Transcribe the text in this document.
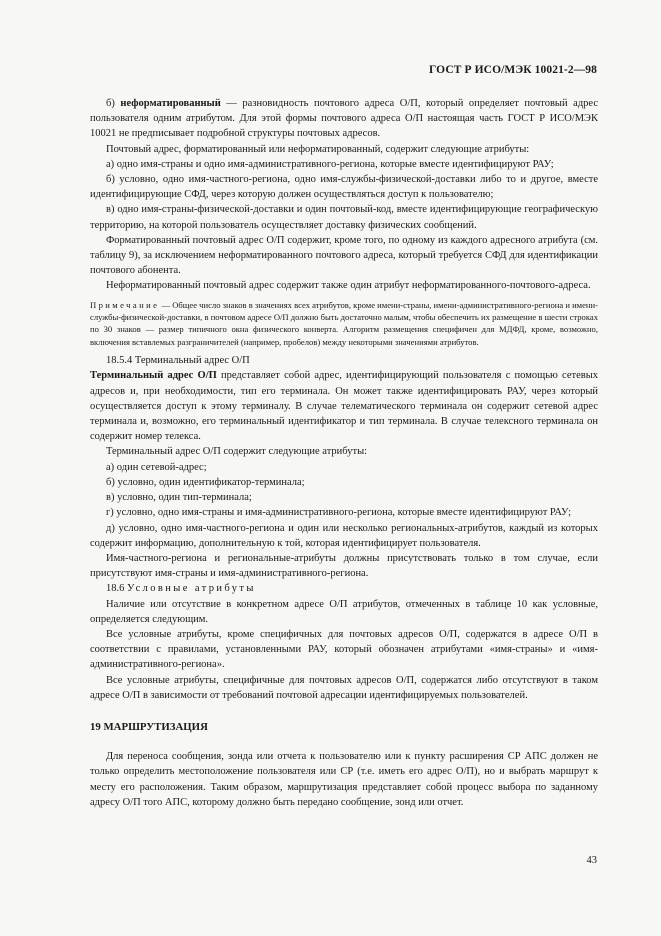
ГОСТ Р ИСО/МЭК 10021-2—98

б) неформатированный — разновидность почтового адреса О/П, который определяет почтовый адрес пользователя одним атрибутом. Для этой формы почтового адреса О/П настоящая часть ГОСТ Р ИСО/МЭК 10021 не предписывает подробной структуры почтовых адресов.

Почтовый адрес, форматированный или неформатированный, содержит следующие атрибуты:

а) одно имя-страны и одно имя-административного-региона, которые вместе идентифицируют РАУ;

б) условно, одно имя-частного-региона, одно имя-службы-физической-доставки либо то и другое, вместе идентифицирующие СФД, через которую должен осуществляться доступ к пользователю;

в) одно имя-страны-физической-доставки и один почтовый-код, вместе идентифицирующие географическую территорию, на которой пользователь осуществляет доставку физических сообщений.

Форматированный почтовый адрес О/П содержит, кроме того, по одному из каждого адресного атрибута (см. таблицу 9), за исключением неформатированного почтового адреса, который требуется СФД для идентификации почтового абонента.

Неформатированный почтовый адрес содержит также один атрибут неформатированного-почтового-адреса.

Примечание — Общее число знаков в значениях всех атрибутов, кроме имени-страны, имени-административного-региона и имени-службы-физической-доставки, в почтовом адресе О/П должно быть достаточно малым, чтобы обеспечить их размещение в шести строках по 30 знаков — размер типичного окна физического конверта. Алгоритм размещения специфичен для МДФД, кроме, возможно, включения вставлемых разграничителей (например, пробелов) между некоторыми значениями атрибутов.

18.5.4 Терминальный адрес О/П

Терминальный адрес О/П представляет собой адрес, идентифицирующий пользователя с помощью сетевых адресов и, при необходимости, тип его терминала. Он может также идентифицировать РАУ, через который осуществляется доступ к этому терминалу. В случае телематического терминала он содержит сетевой адрес терминала и, возможно, его терминальный идентификатор и тип терминала. В случае телексного терминала он содержит номер телекса.

Терминальный адрес О/П содержит следующие атрибуты:

а) один сетевой-адрес;

б) условно, один идентификатор-терминала;

в) условно, один тип-терминала;

г) условно, одно имя-страны и имя-административного-региона, которые вместе идентифицируют РАУ;

д) условно, одно имя-частного-региона и один или несколько региональных-атрибутов, каждый из которых содержит информацию, дополнительную к той, которая идентифицирует пользователя.

Имя-частного-региона и региональные-атрибуты должны присутствовать только в том случае, если присутствуют имя-страны и имя-административного-региона.

18.6 Условные атрибуты

Наличие или отсутствие в конкретном адресе О/П атрибутов, отмеченных в таблице 10 как условные, определяется следующим.

Все условные атрибуты, кроме специфичных для почтовых адресов О/П, содержатся в адресе О/П в соответствии с правилами, установленными РАУ, который обозначен атрибутами «имя-страны» и «имя-административного-региона».

Все условные атрибуты, специфичные для почтовых адресов О/П, содержатся либо отсутствуют в таком адресе О/П в зависимости от требований почтовой адресации идентифицируемых пользователей.

19 МАРШРУТИЗАЦИЯ

Для переноса сообщения, зонда или отчета к пользователю или к пункту расширения СР АПС должен не только определить местоположение пользователя или СР (т.е. иметь его адрес О/П), но и выбрать маршрут к месту его расположения. Таким образом, маршрутизация представляет собой процесс выбора по заданному адресу О/П того АПС, которому должно быть передано сообщение, зонд или отчет.

43
